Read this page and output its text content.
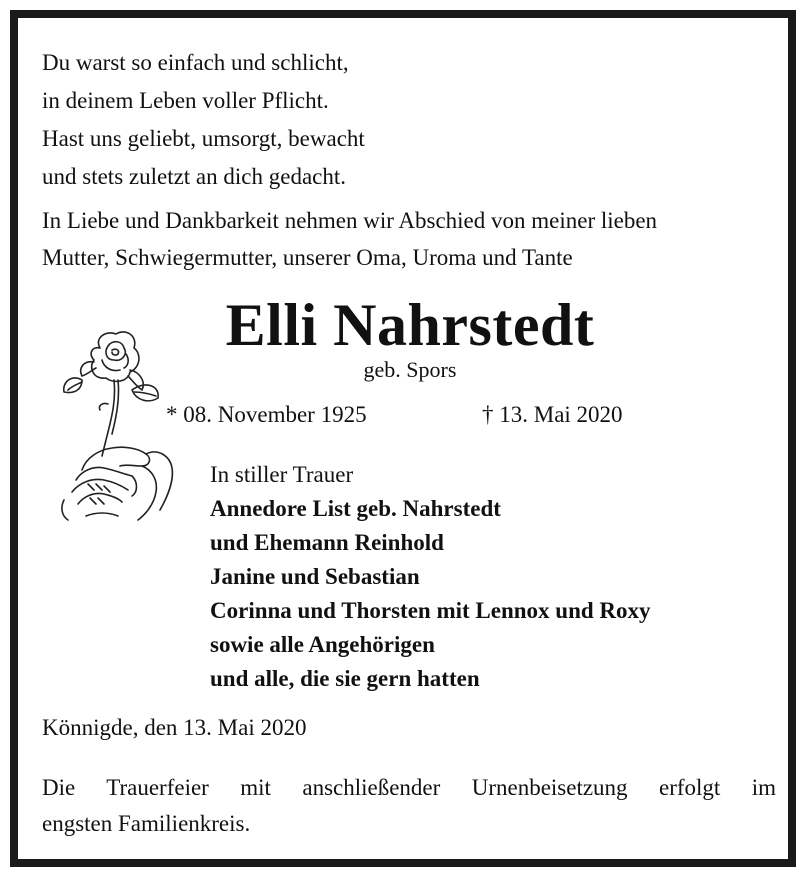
Du warst so einfach und schlicht,
in deinem Leben voller Pflicht.
Hast uns geliebt, umsorgt, bewacht
und stets zuletzt an dich gedacht.
In Liebe und Dankbarkeit nehmen wir Abschied von meiner lieben
Mutter, Schwiegermutter, unserer Oma, Uroma und Tante
Elli Nahrstedt
geb. Spors
* 08. November 1925	† 13. Mai 2020
In stiller Trauer
Annedore List geb. Nahrstedt
und Ehemann Reinhold
Janine und Sebastian
Corinna und Thorsten mit Lennox und Roxy
sowie alle Angehörigen
und alle, die sie gern hatten
Könnigde, den 13. Mai 2020
Die Trauerfeier mit anschließender Urnenbeisetzung erfolgt im
engsten Familienkreis.
